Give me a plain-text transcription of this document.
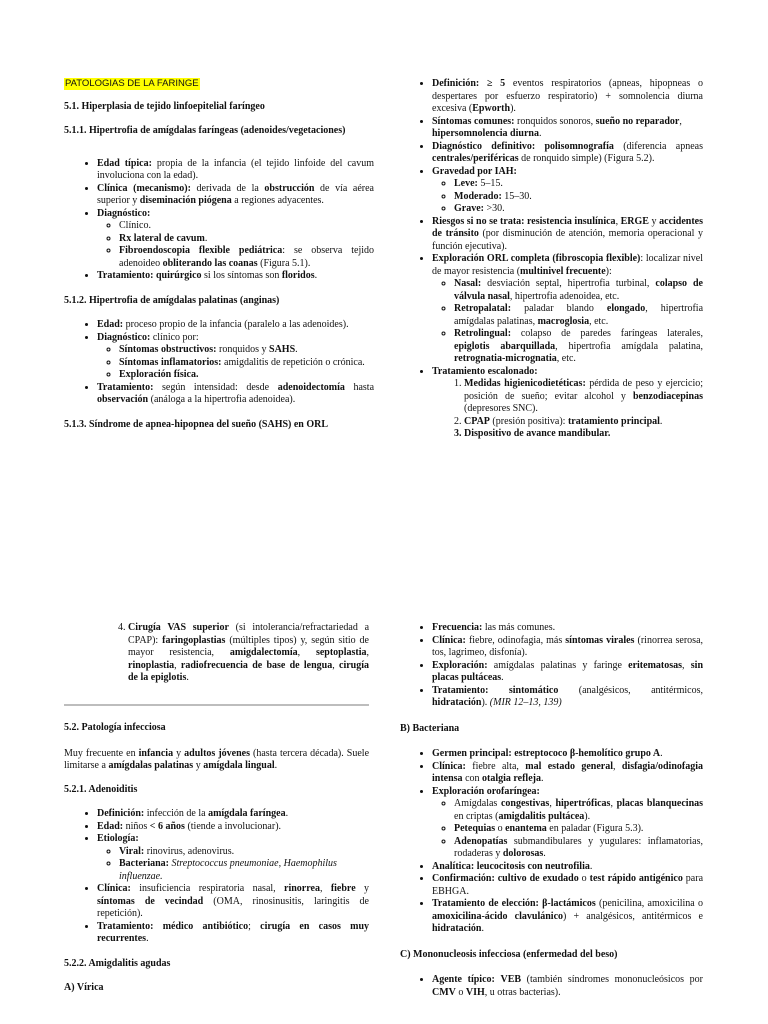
PATOLOGIAS DE LA FARINGE

5.1. Hiperplasia de tejido linfoepitelial faríngeo

5.1.1. Hipertrofia de amígdalas faríngeas (adenoides/vegetaciones)

• Edad típica: propia de la infancia (el tejido linfoide del cavum involuciona con la edad).
• Clínica (mecanismo): derivada de la obstrucción de vía aérea superior y diseminación piógena a regiones adyacentes.
• Diagnóstico:
◦ Clínico.
◦ Rx lateral de cavum.
◦ Fibroendoscopia flexible pediátrica: se observa tejido adenoideo obliterando las coanas (Figura 5.1).
• Tratamiento: quirúrgico si los síntomas son floridos.

5.1.2. Hipertrofia de amígdalas palatinas (anginas)

• Edad: proceso propio de la infancia (paralelo a las adenoides).
• Diagnóstico: clínico por:
◦ Síntomas obstructivos: ronquidos y SAHS.
◦ Síntomas inflamatorios: amigdalitis de repetición o crónica.
◦ Exploración física.
• Tratamiento: según intensidad: desde adenoidectomía hasta observación (análoga a la hipertrofia adenoidea).

5.1.3. Síndrome de apnea-hipopnea del sueño (SAHS) en ORL

• Definición: ≥ 5 eventos respiratorios (apneas, hipopneas o despertares por esfuerzo respiratorio) + somnolencia diurna excesiva (Epworth).
• Síntomas comunes: ronquidos sonoros, sueño no reparador, hipersomnolencia diurna.
• Diagnóstico definitivo: polisomnografía (diferencia apneas centrales/periféricas de ronquido simple) (Figura 5.2).
• Gravedad por IAH:
◦ Leve: 5–15.
◦ Moderado: 15–30.
◦ Grave: >30.
• Riesgos si no se trata: resistencia insulínica, ERGE y accidentes de tránsito (por disminución de atención, memoria operacional y función ejecutiva).
• Exploración ORL completa (fibroscopia flexible): localizar nivel de mayor resistencia (multinivel frecuente):
◦ Nasal: desviación septal, hipertrofia turbinal, colapso de válvula nasal, hipertrofia adenoidea, etc.
◦ Retropalatal: paladar blando elongado, hipertrofia amígdalas palatinas, macroglosia, etc.
◦ Retrolingual: colapso de paredes faríngeas laterales, epiglotis abarquillada, hipertrofia amígdala palatina, retrognatia-micrognatia, etc.
• Tratamiento escalonado:
1. Medidas higienicodietéticas: pérdida de peso y ejercicio; posición de sueño; evitar alcohol y benzodiacepinas (depresores SNC).
2. CPAP (presión positiva): tratamiento principal.
3. Dispositivo de avance mandibular.
4. Cirugía VAS superior (si intolerancia/refractariedad a CPAP): faringoplastias (múltiples tipos) y, según sitio de mayor resistencia, amigdalectomía, septoplastia, rinoplastia, radiofrecuencia de base de lengua, cirugía de la epiglotis.

5.2. Patología infecciosa

Muy frecuente en infancia y adultos jóvenes (hasta tercera década). Suele limitarse a amígdalas palatinas y amígdala lingual.

5.2.1. Adenoiditis

• Definición: infección de la amígdala faríngea.
• Edad: niños < 6 años (tiende a involucionar).
• Etiología:
◦ Viral: rinovirus, adenovirus.
◦ Bacteriana: Streptococcus pneumoniae, Haemophilus influenzae.
• Clínica: insuficiencia respiratoria nasal, rinorrea, fiebre y síntomas de vecindad (OMA, rinosinusitis, laringitis de repetición).
• Tratamiento: médico antibiótico; cirugía en casos muy recurrentes.

5.2.2. Amigdalitis agudas

A) Vírica

• Frecuencia: las más comunes.
• Clínica: fiebre, odinofagia, más síntomas virales (rinorrea serosa, tos, lagrimeo, disfonía).
• Exploración: amígdalas palatinas y faringe eritematosas, sin placas pultáceas.
• Tratamiento: sintomático (analgésicos, antitérmicos, hidratación). (MIR 12–13, 139)

B) Bacteriana

• Germen principal: estreptococo β-hemolítico grupo A.
• Clínica: fiebre alta, mal estado general, disfagia/odinofagia intensa con otalgia refleja.
• Exploración orofaríngea:
◦ Amígdalas congestivas, hipertróficas, placas blanquecinas en criptas (amigdalitis pultácea).
◦ Petequias o enantema en paladar (Figura 5.3).
◦ Adenopatías submandibulares y yugulares: inflamatorias, rodaderas y dolorosas.
• Analítica: leucocitosis con neutrofilia.
• Confirmación: cultivo de exudado o test rápido antigénico para EBHGA.
• Tratamiento de elección: β-lactámicos (penicilina, amoxicilina o amoxicilina-ácido clavulánico) + analgésicos, antitérmicos e hidratación.

C) Mononucleosis infecciosa (enfermedad del beso)

• Agente típico: VEB (también síndromes mononucleósicos por CMV o VIH, u otras bacterias).
